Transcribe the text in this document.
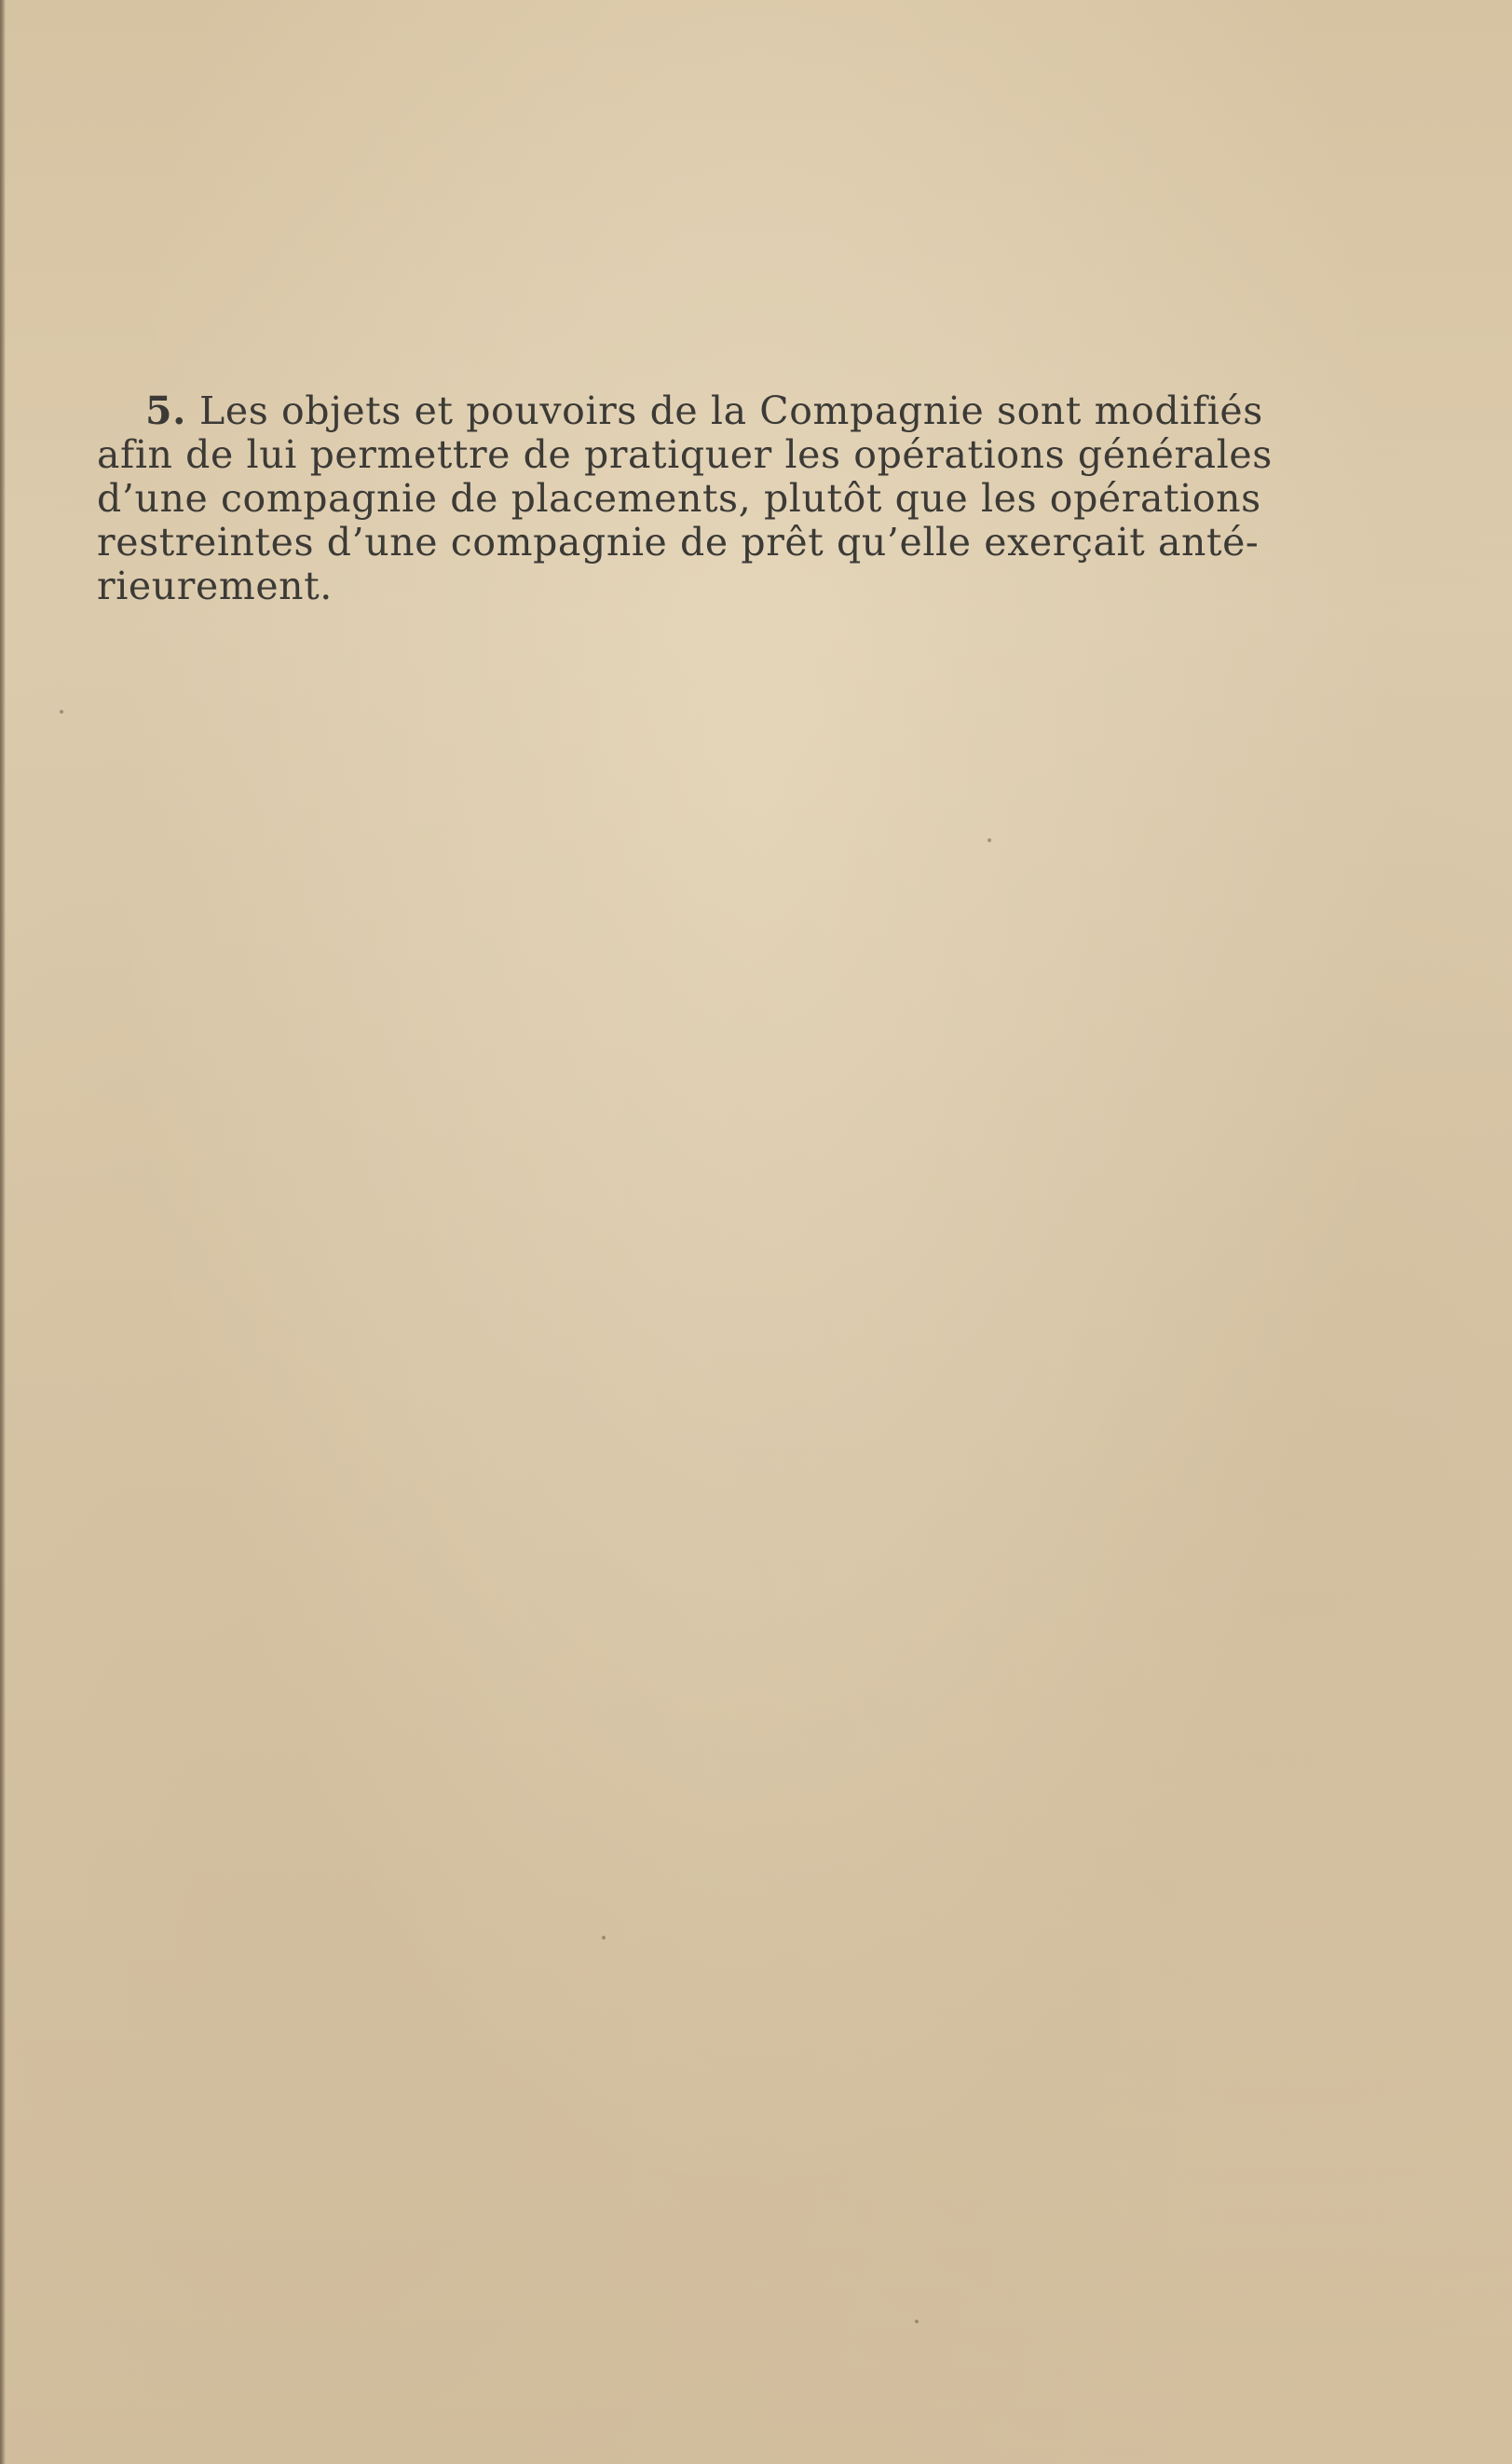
5. Les objets et pouvoirs de la Compagnie sont modifiés
afin de lui permettre de pratiquer les opérations générales
d’une compagnie de placements, plutôt que les opérations
restreintes d’une compagnie de prêt qu’elle exerçait anté-
rieurement.
